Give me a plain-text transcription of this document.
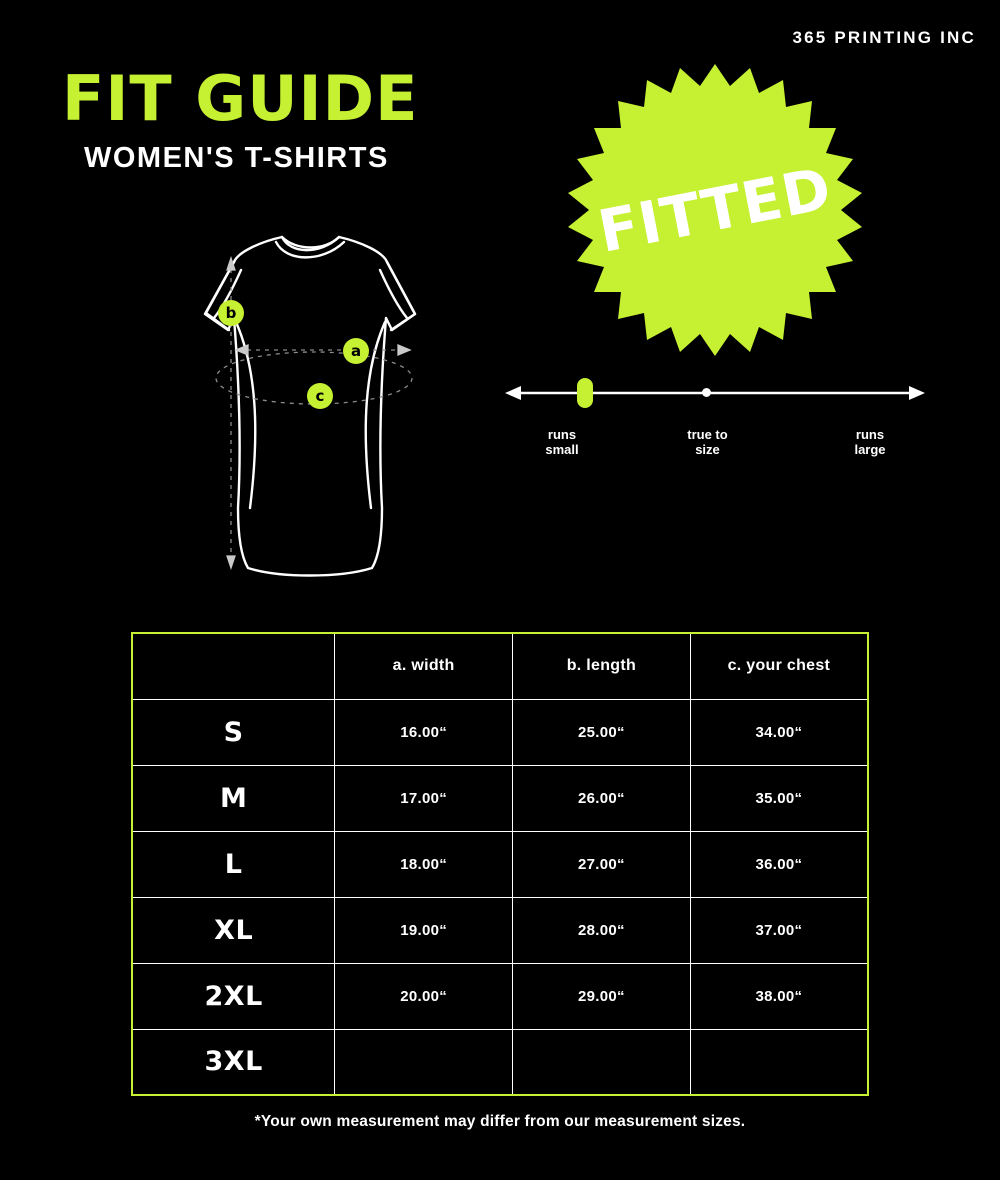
365 PRINTING INC
FIT GUIDE
WOMEN'S T-SHIRTS
b
a
c
FITTED
runs
small
true to
size
runs
large
	a. width	b. length	c. your chest
S	16.00“	25.00“	34.00“
M	17.00“	26.00“	35.00“
L	18.00“	27.00“	36.00“
XL	19.00“	28.00“	37.00“
2XL	20.00“	29.00“	38.00“
3XL			
*Your own measurement may differ from our measurement sizes.
